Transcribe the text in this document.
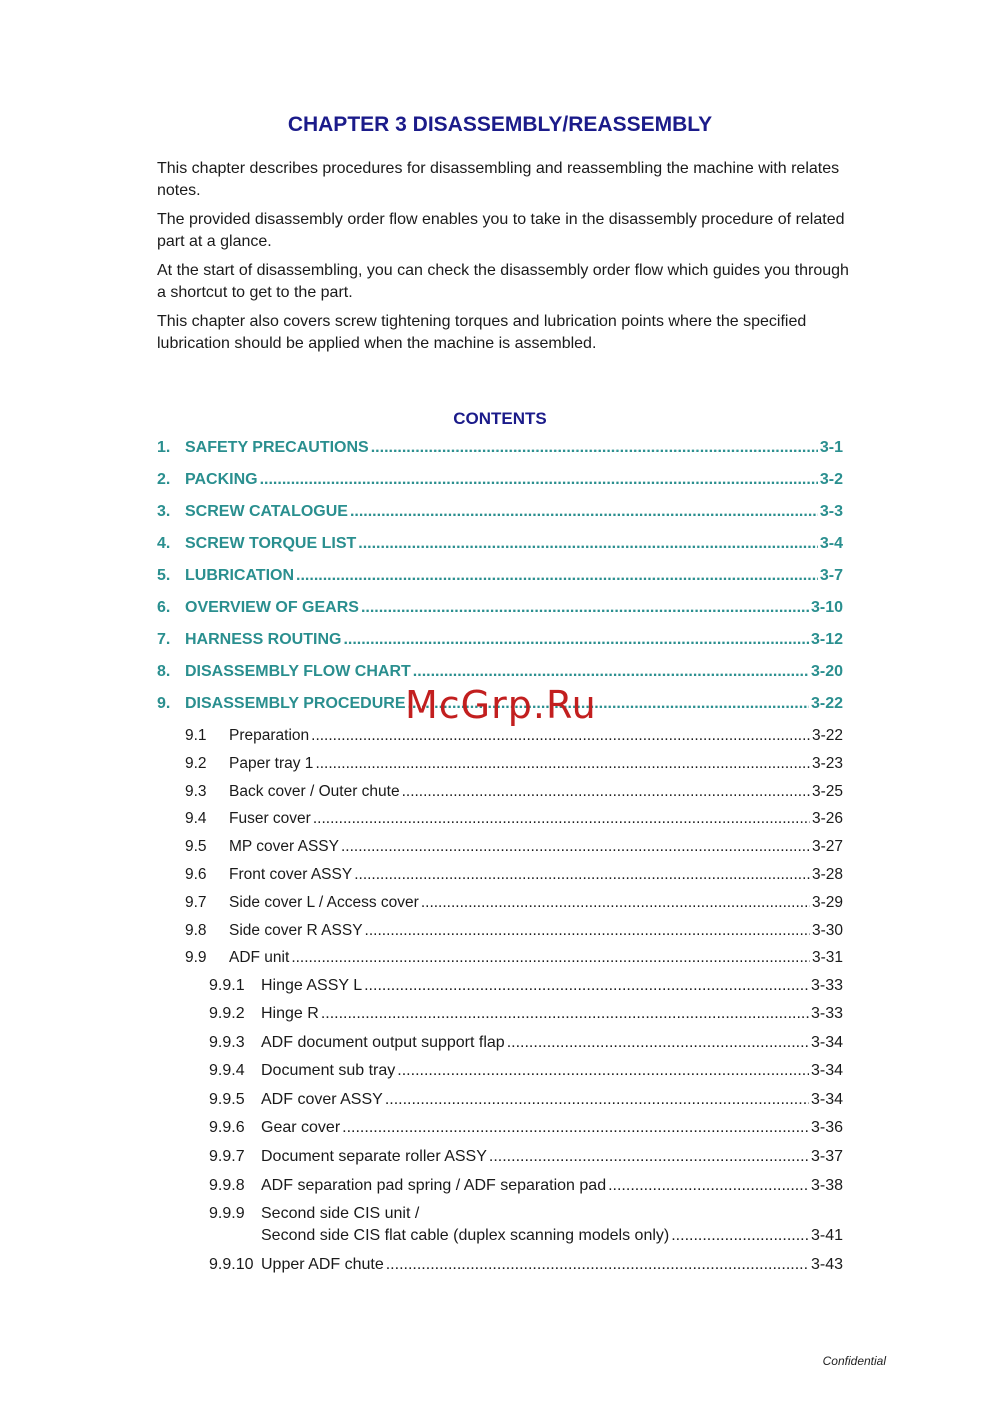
CHAPTER 3 DISASSEMBLY/REASSEMBLY

This chapter describes procedures for disassembling and reassembling the machine with relates notes.

The provided disassembly order flow enables you to take in the disassembly procedure of related part at a glance.

At the start of disassembling, you can check the disassembly order flow which guides you through a shortcut to get to the part.

This chapter also covers screw tightening torques and lubrication points where the specified lubrication should be applied when the machine is assembled.

CONTENTS
1. SAFETY PRECAUTIONS .....	3-1
2. PACKING .....	3-2
3. SCREW CATALOGUE .....	3-3
4. SCREW TORQUE LIST .....	3-4
5. LUBRICATION .....	3-7
6. OVERVIEW OF GEARS .....	3-10
7. HARNESS ROUTING .....	3-12
8. DISASSEMBLY FLOW CHART .....	3-20
9. DISASSEMBLY PROCEDURE .....	3-22
9.1	Preparation .....	3-22
9.2	Paper tray 1 .....	3-23
9.3	Back cover / Outer chute .....	3-25
9.4	Fuser cover .....	3-26
9.5	MP cover ASSY .....	3-27
9.6	Front cover ASSY .....	3-28
9.7	Side cover L / Access cover .....	3-29
9.8	Side cover R ASSY .....	3-30
9.9	ADF unit .....	3-31
9.9.1	Hinge ASSY L .....	3-33
9.9.2	Hinge R .....	3-33
9.9.3	ADF document output support flap .....	3-34
9.9.4	Document sub tray .....	3-34
9.9.5	ADF cover ASSY .....	3-34
9.9.6	Gear cover .....	3-36
9.9.7	Document separate roller ASSY .....	3-37
9.9.8	ADF separation pad spring / ADF separation pad .....	3-38
9.9.9	Second side CIS unit /
Second side CIS flat cable (duplex scanning models only) .....	3-41
9.9.10 Upper ADF chute .....	3-43
McGrp.Ru
Confidential
